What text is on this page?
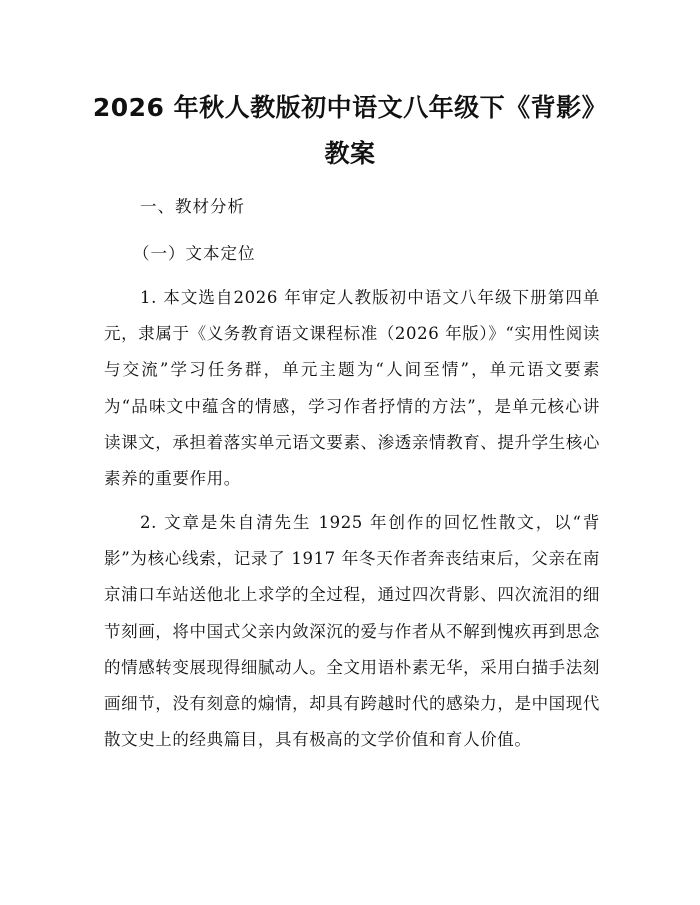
2026 年秋人教版初中语文八年级下《背影》
教案

一、教材分析

（一）文本定位

1. 本文选自2026 年审定人教版初中语文八年级下册第四单元，隶属于《义务教育语文课程标准（2026 年版）》“实用性阅读与交流”学习任务群，单元主题为“人间至情”，单元语文要素为“品味文中蕴含的情感，学习作者抒情的方法”，是单元核心讲读课文，承担着落实单元语文要素、渗透亲情教育、提升学生核心素养的重要作用。

2. 文章是朱自清先生 1925 年创作的回忆性散文，以“背影”为核心线索，记录了 1917 年冬天作者奔丧结束后，父亲在南京浦口车站送他北上求学的全过程，通过四次背影、四次流泪的细节刻画，将中国式父亲内敛深沉的爱与作者从不解到愧疚再到思念的情感转变展现得细腻动人。全文用语朴素无华，采用白描手法刻画细节，没有刻意的煽情，却具有跨越时代的感染力，是中国现代散文史上的经典篇目，具有极高的文学价值和育人价值。
